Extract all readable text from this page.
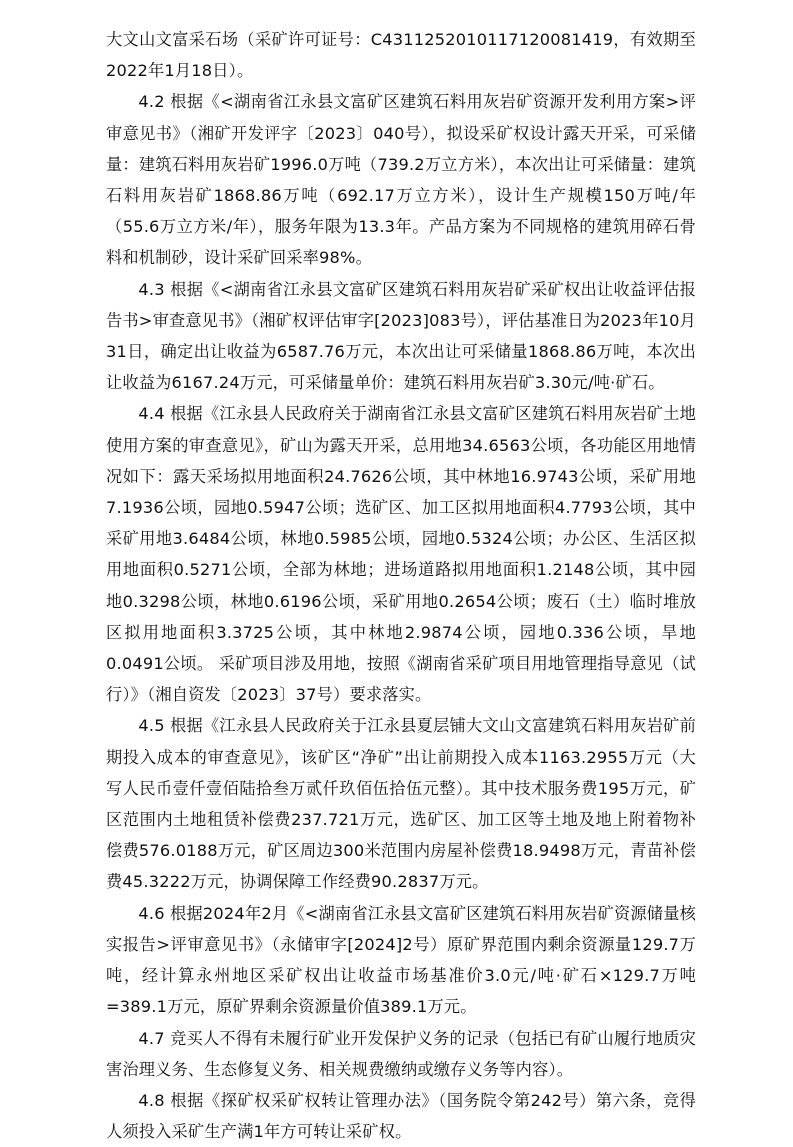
大文山文富采石场（采矿许可证号：C4311252010117120081419，有效期至2022年1月18日）。

4.2 根据《<湖南省江永县文富矿区建筑石料用灰岩矿资源开发利用方案>评审意见书》（湘矿开发评字〔2023〕040号），拟设采矿权设计露天开采，可采储量：建筑石料用灰岩矿1996.0万吨（739.2万立方米），本次出让可采储量：建筑石料用灰岩矿1868.86万吨（692.17万立方米），设计生产规模150万吨/年（55.6万立方米/年），服务年限为13.3年。产品方案为不同规格的建筑用碎石骨料和机制砂，设计采矿回采率98%。

4.3 根据《<湖南省江永县文富矿区建筑石料用灰岩矿采矿权出让收益评估报告书>审查意见书》（湘矿权评估审字[2023]083号），评估基准日为2023年10月31日，确定出让收益为6587.76万元，本次出让可采储量1868.86万吨，本次出让收益为6167.24万元，可采储量单价：建筑石料用灰岩矿3.30元/吨·矿石。

4.4 根据《江永县人民政府关于湖南省江永县文富矿区建筑石料用灰岩矿土地使用方案的审查意见》，矿山为露天开采，总用地34.6563公顷，各功能区用地情况如下：露天采场拟用地面积24.7626公顷，其中林地16.9743公顷，采矿用地7.1936公顷，园地0.5947公顷；选矿区、加工区拟用地面积4.7793公顷，其中采矿用地3.6484公顷，林地0.5985公顷，园地0.5324公顷；办公区、生活区拟用地面积0.5271公顷，全部为林地；进场道路拟用地面积1.2148公顷，其中园地0.3298公顷，林地0.6196公顷，采矿用地0.2654公顷；废石（土）临时堆放区拟用地面积3.3725公顷，其中林地2.9874公顷，园地0.336公顷，旱地0.0491公顷。 采矿项目涉及用地，按照《湖南省采矿项目用地管理指导意见（试行）》（湘自资发〔2023〕37号）要求落实。

4.5 根据《江永县人民政府关于江永县夏层铺大文山文富建筑石料用灰岩矿前期投入成本的审查意见》，该矿区“净矿”出让前期投入成本1163.2955万元（大写人民币壹仟壹佰陆拾叁万贰仟玖佰伍拾伍元整）。其中技术服务费195万元，矿区范围内土地租赁补偿费237.721万元，选矿区、加工区等土地及地上附着物补偿费576.0188万元，矿区周边300米范围内房屋补偿费18.9498万元，青苗补偿费45.3222万元，协调保障工作经费90.2837万元。

4.6 根据2024年2月《<湖南省江永县文富矿区建筑石料用灰岩矿资源储量核实报告>评审意见书》（永储审字[2024]2号）原矿界范围内剩余资源量129.7万吨，经计算永州地区采矿权出让收益市场基准价3.0元/吨·矿石×129.7万吨=389.1万元，原矿界剩余资源量价值389.1万元。

4.7 竞买人不得有未履行矿业开发保护义务的记录（包括已有矿山履行地质灾害治理义务、生态修复义务、相关规费缴纳或缴存义务等内容）。

4.8 根据《探矿权采矿权转让管理办法》（国务院令第242号）第六条，竞得人须投入采矿生产满1年方可转让采矿权。
